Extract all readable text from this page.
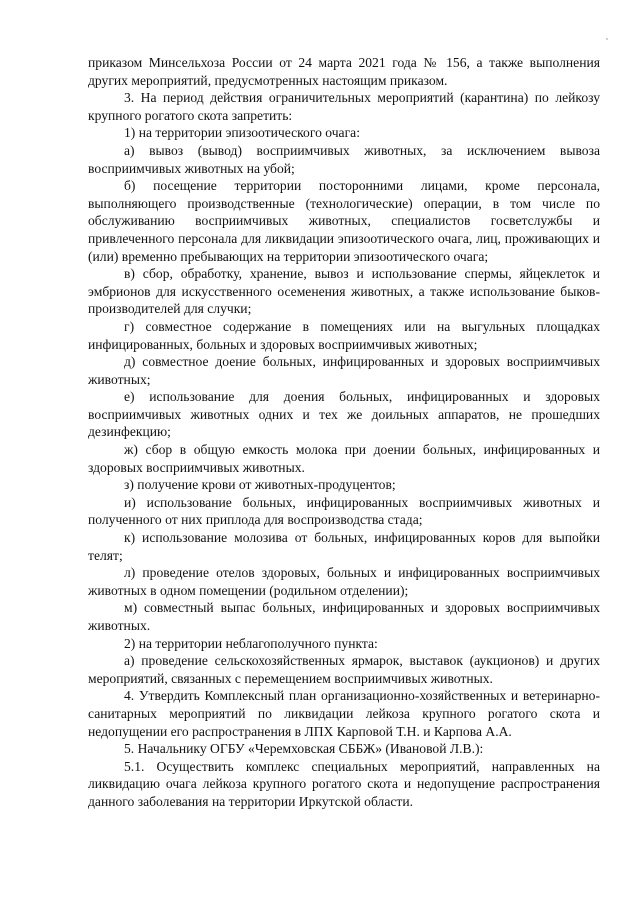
приказом Минсельхоза России от 24 марта 2021 года № 156, а также выполнения других мероприятий, предусмотренных настоящим приказом.

3. На период действия ограничительных мероприятий (карантина) по лейкозу крупного рогатого скота запретить:

1) на территории эпизоотического очага:

а) вывоз (вывод) восприимчивых животных, за исключением вывоза восприимчивых животных на убой;

б) посещение территории посторонними лицами, кроме персонала, выполняющего производственные (технологические) операции, в том числе по обслуживанию восприимчивых животных, специалистов госветслужбы и привлеченного персонала для ликвидации эпизоотического очага, лиц, проживающих и (или) временно пребывающих на территории эпизоотического очага;

в) сбор, обработку, хранение, вывоз и использование спермы, яйцеклеток и эмбрионов для искусственного осеменения животных, а также использование быков-производителей для случки;

г) совместное содержание в помещениях или на выгульных площадках инфицированных, больных и здоровых восприимчивых животных;

д) совместное доение больных, инфицированных и здоровых восприимчивых животных;

е) использование для доения больных, инфицированных и здоровых восприимчивых животных одних и тех же доильных аппаратов, не прошедших дезинфекцию;

ж) сбор в общую емкость молока при доении больных, инфицированных и здоровых восприимчивых животных.

з) получение крови от животных-продуцентов;

и) использование больных, инфицированных восприимчивых животных и полученного от них приплода для воспроизводства стада;

к) использование молозива от больных, инфицированных коров для выпойки телят;

л) проведение отелов здоровых, больных и инфицированных восприимчивых животных в одном помещении (родильном отделении);

м) совместный выпас больных, инфицированных и здоровых восприимчивых животных.

2) на территории неблагополучного пункта:

а) проведение сельскохозяйственных ярмарок, выставок (аукционов) и других мероприятий, связанных с перемещением восприимчивых животных.

4. Утвердить Комплексный план организационно-хозяйственных и ветеринарно-санитарных мероприятий по ликвидации лейкоза крупного рогатого скота и недопущении его распространения в ЛПХ Карповой Т.Н. и Карпова А.А.

5. Начальнику ОГБУ «Черемховская СББЖ» (Ивановой Л.В.):

5.1. Осуществить комплекс специальных мероприятий, направленных на ликвидацию очага лейкоза крупного рогатого скота и недопущение распространения данного заболевания на территории Иркутской области.
